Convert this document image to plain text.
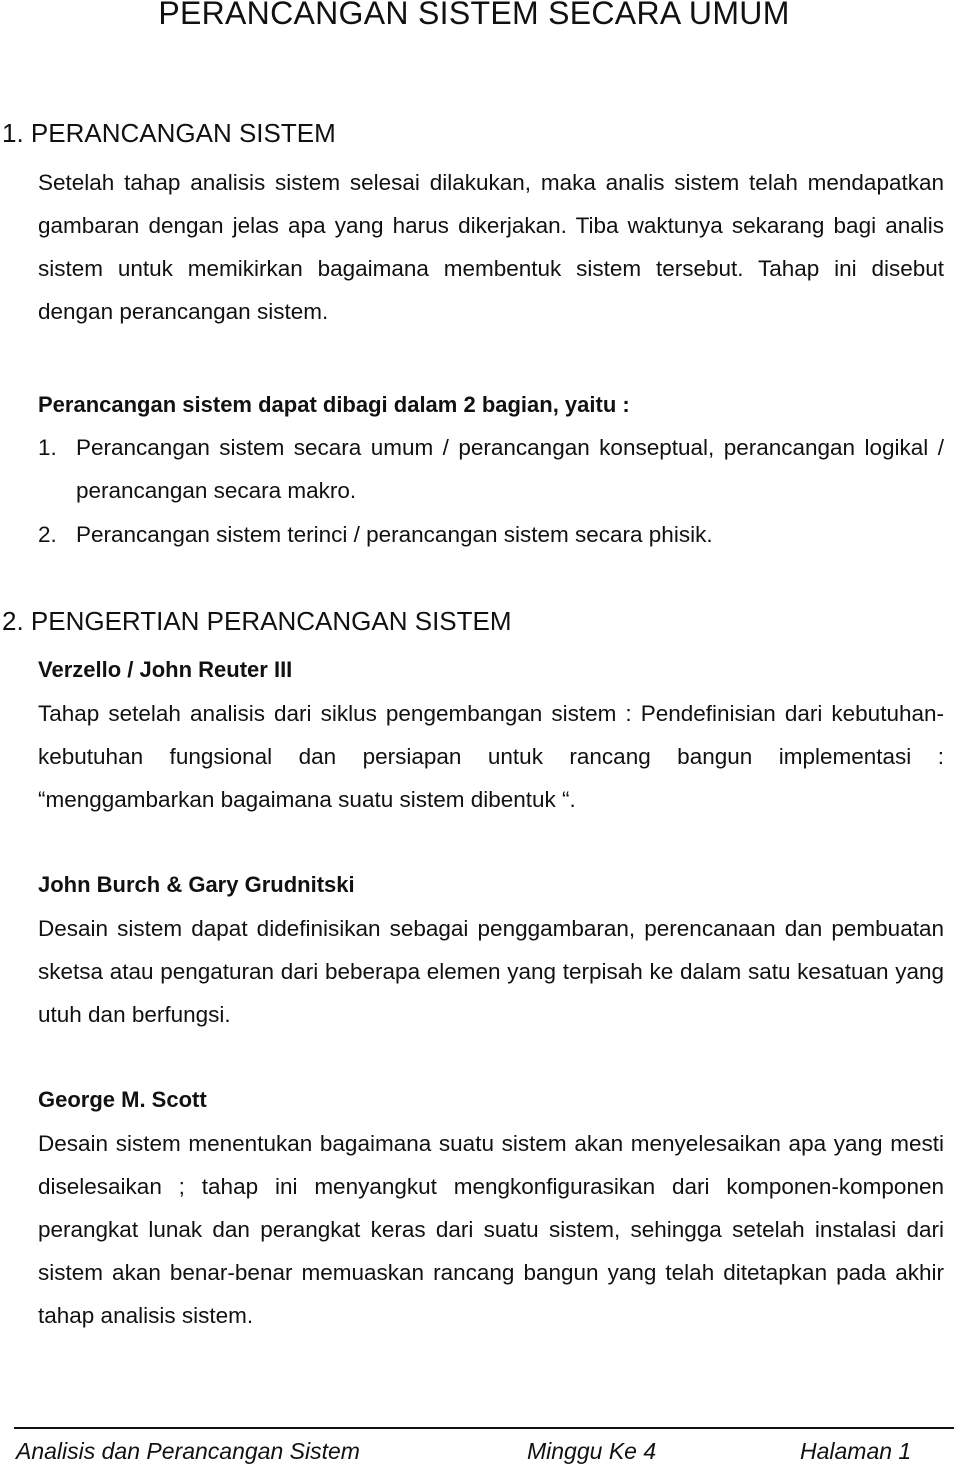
PERANCANGAN SISTEM SECARA UMUM
1. PERANCANGAN SISTEM

Setelah tahap analisis sistem selesai dilakukan, maka analis sistem telah mendapatkan gambaran dengan jelas apa yang harus dikerjakan. Tiba waktunya sekarang bagi analis sistem untuk memikirkan bagaimana membentuk sistem tersebut. Tahap ini disebut dengan perancangan sistem.

Perancangan sistem dapat dibagi dalam 2 bagian, yaitu :
1. Perancangan sistem secara umum / perancangan konseptual, perancangan logikal / perancangan secara makro.
2. Perancangan sistem terinci / perancangan sistem secara phisik.
2. PENGERTIAN PERANCANGAN SISTEM
Verzello / John Reuter III

Tahap setelah analisis dari siklus pengembangan sistem : Pendefinisian dari kebutuhan-kebutuhan fungsional dan persiapan untuk rancang bangun implementasi : “menggambarkan bagaimana suatu sistem dibentuk “.

John Burch & Gary Grudnitski

Desain sistem dapat didefinisikan sebagai penggambaran, perencanaan dan pembuatan sketsa atau pengaturan dari beberapa elemen yang terpisah ke dalam satu kesatuan yang utuh dan berfungsi.

George M. Scott

Desain sistem menentukan bagaimana suatu sistem akan menyelesaikan apa yang mesti diselesaikan ; tahap ini menyangkut mengkonfigurasikan dari komponen-komponen perangkat lunak dan perangkat keras dari suatu sistem, sehingga setelah instalasi dari sistem akan benar-benar memuaskan rancang bangun yang telah ditetapkan pada akhir tahap analisis sistem.

Analisis dan Perancangan Sistem	Minggu Ke 4	Halaman 1
